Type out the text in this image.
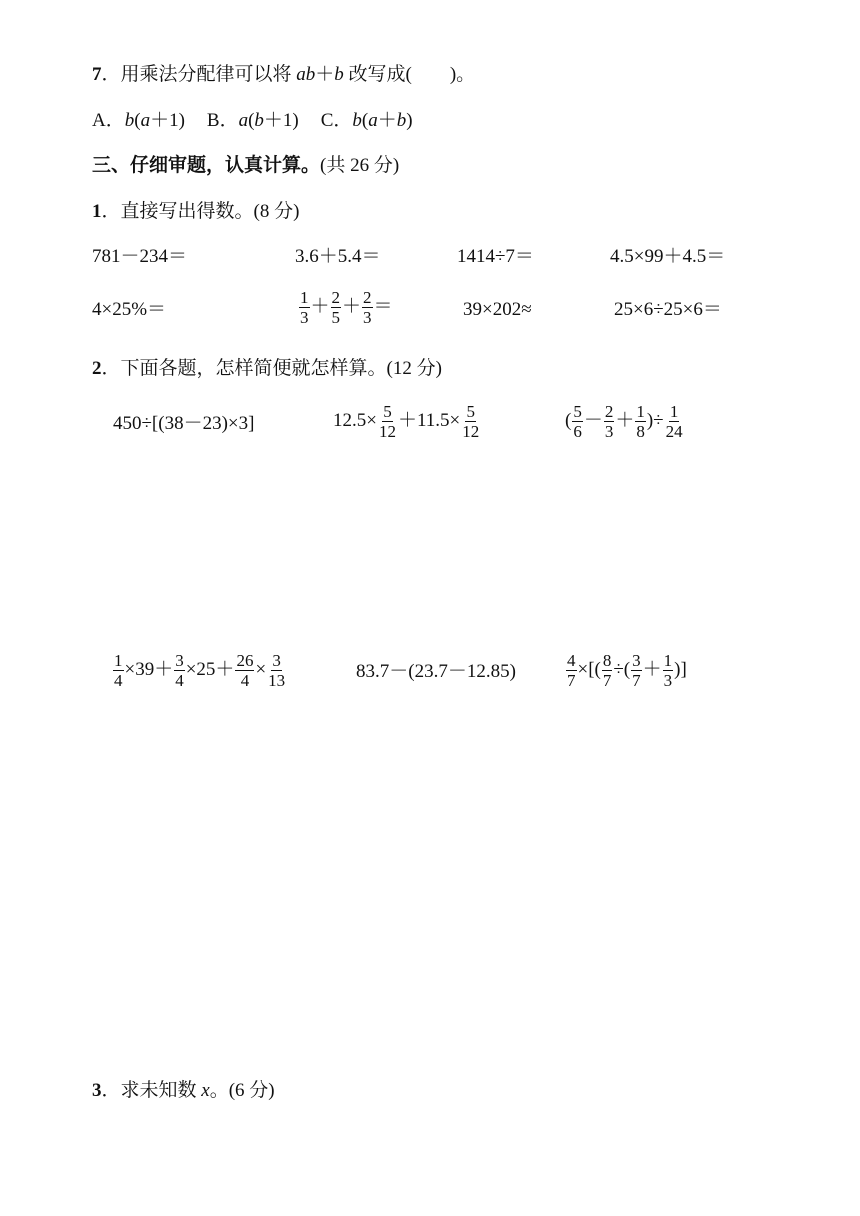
7．用乘法分配律可以将 ab＋b 改写成(　　)。
A．b(a＋1) B．a(b＋1) C．b(a＋b)
三、仔细审题，认真计算。(共 26 分)
1．直接写出得数。(8 分)
781－234＝	3.6＋5.4＝	1414÷7＝	4.5×99＋4.5＝
4×25%＝	$\frac{1}{3} + \frac{2}{5} + \frac{2}{3}$ ＝	39×202≈	25×6÷25×6＝
2．下面各题，怎样简便就怎样算。(12 分)
450÷[(38－23)×3]	$12.5\times \frac{5}{12} +11.5\times \frac{5}{12}$	( $\frac{5}{6} - \frac{2}{3} + \frac{1}{8}$ )÷ $\frac{1}{24}$
$\frac{1}{4} \times 39+ \frac{3}{4} \times 25+ \frac{26}{4} \times \frac{3}{13}$	83.7－(23.7－12.85)	$\frac{4}{7}$ ×[( $\frac{8}{7}$ ÷( $\frac{3}{7} + \frac{1}{3}$ )]
3．求未知数 x。(6 分)
